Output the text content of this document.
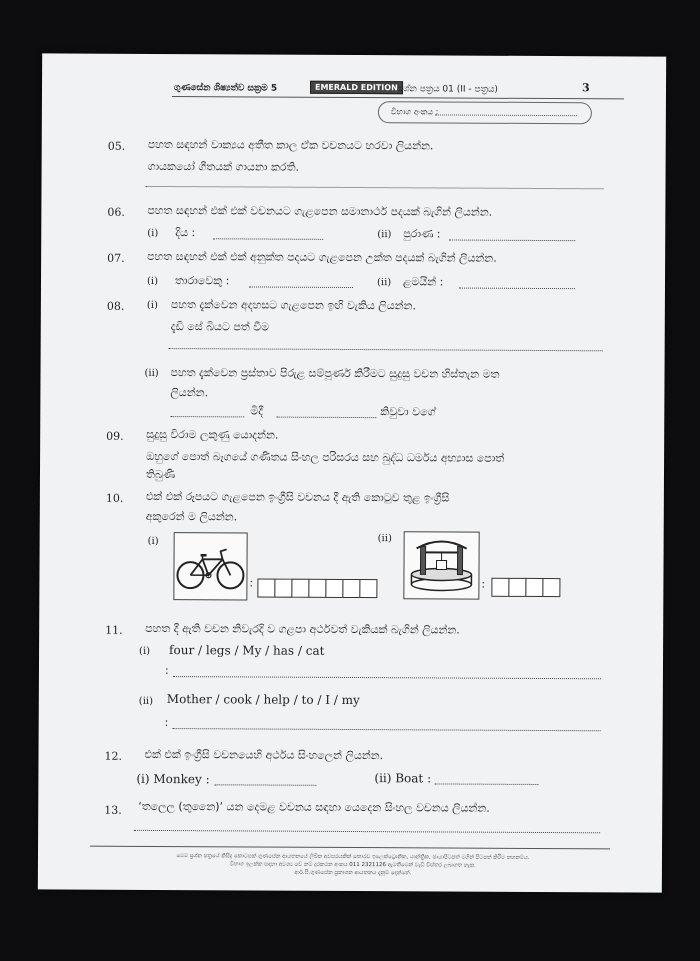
ගුණසේන ශිෂ්‍යත්ව සක්‍රම 5	EMERALD EDITION ප්‍රශ්න පත්‍රය 01 (II - පත්‍රය)	3
විභාග අංකය :
05. පහත සඳහන් වාක්‍යය අතීත කාල ඒක වචනයට හරවා ලියන්න.
ගායකයෝ ගීතයක් ගායනා කරති.
06. පහත සඳහන් එක් එක් වචනයට ගැළපෙන සමානාර්ථ පදයක් බැගින් ලියන්න.
(i) දිය :	(ii) පුරාණ :
07. පහත සඳහන් එක් එක් අනුක්ත පදයට ගැළපෙන උක්ත පදයක් බැගින් ලියන්න.
(i) තාරාවෙකු :	(ii) ළමයින් :
08. (i) පහත දැක්වෙන අදහසට ගැළපෙන ඉඟි වැකිය ලියන්න.
දැඩි සේ බියට පත් වීම
(ii) පහත දැක්වෙන ප්‍රස්තාව පිරුළ සම්පූර්ණ කිරීමට සුදුසු වචන හිස්තැන මත
ලියන්න.
මිදී	කිවුවා වගේ
09. සුදුසු විරාම ලකුණු යොදන්න.
ඔහුගේ පොත් බෑගයේ ගණිතය සිංහල පරිසරය සහ බුද්ධ ධර්මය අභ්‍යාස පොත්
තිබුණි
10. එක් එක් රූපයට ගැළපෙන ඉංග්‍රීසි වචනය දී ඇති කොටුව තුළ ඉංග්‍රීසි
අකුරෙන් ම ලියන්න.
(i)
:
(ii)
:
11. පහත දී ඇති වචන නිවැරදි ව ගළපා අර්ථවත් වැකියක් බැගින් ලියන්න.
(i) four / legs / My / has / cat
:
(ii) Mother / cook / help / to / I / my
:
12. එක් එක් ඉංග්‍රීසි වචනයෙහි අර්ථය සිංහලෙන් ලියන්න.
(i) Monkey :	(ii) Boat :
13. ‘තලෙල (තුනෛ)’ යන දෙමළ වචනය සඳහා යෙදෙන සිංහල වචනය ලියන්න.
මෙම ප්‍රශ්න පත්‍රයේ කිසිදු කොටසක් ගුණසේන ආයතනයේ ලිඛිත අවසරයකින් තොරව ඉලෙක්ට්‍රොනික, යාන්ත්‍රික, ඡායාපිටපත් මගින් පිටපත් කිරීම තහනම්ය.
විභාග ඉලක්ක සඳහා අවශ්‍ය වේ නම් දුරකථන අංකය 011 2321126 ඇමතීමෙන් වැඩි විස්තර ලබාගත හැක.
ආර්.සී.ගුණසේන ප්‍රකාශන ආයතනය දැනුම් දෙන්නේ.
